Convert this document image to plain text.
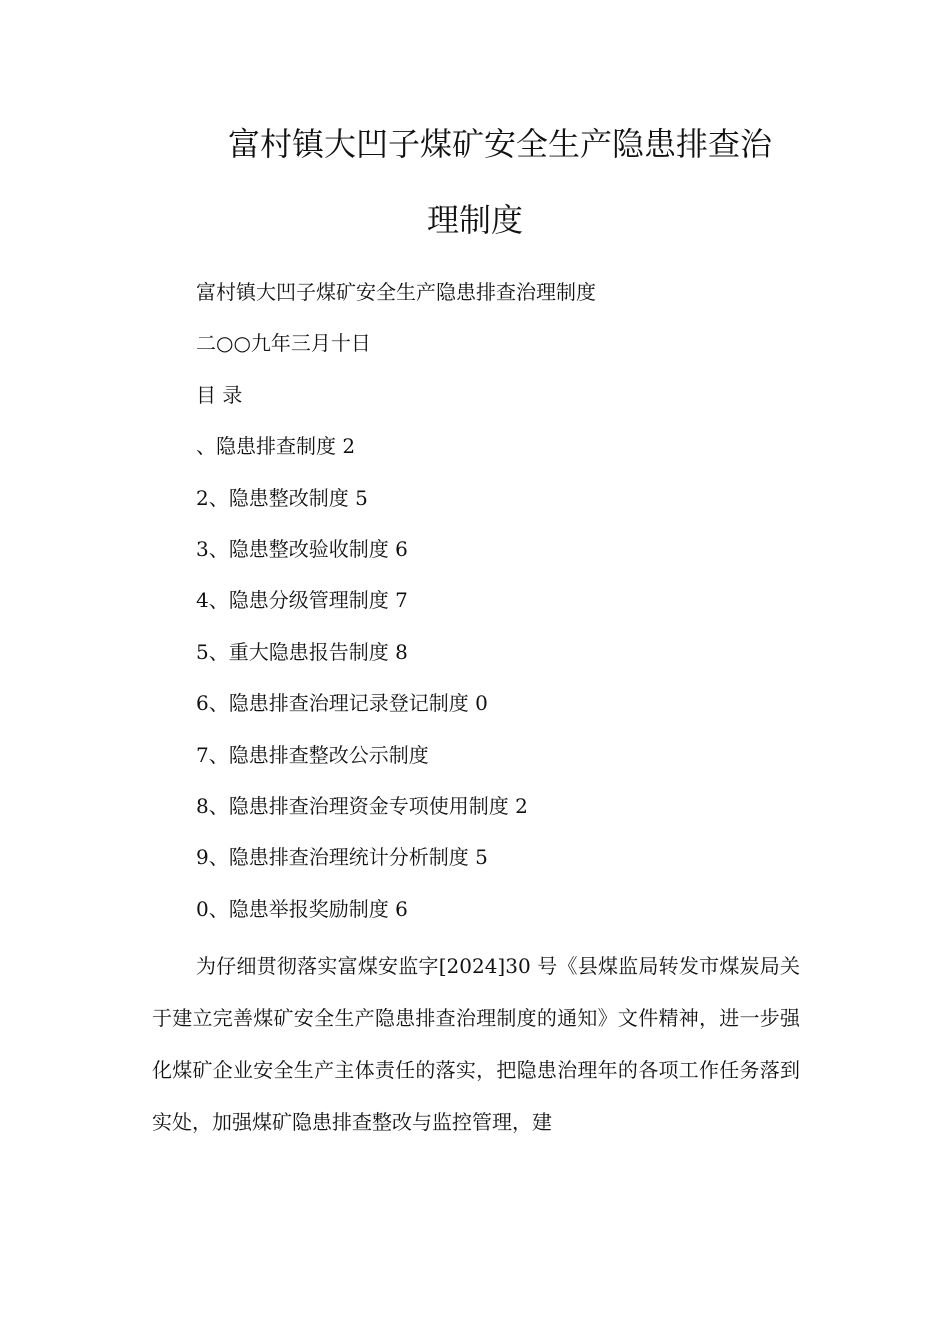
富村镇大凹子煤矿安全生产隐患排查治
理制度
富村镇大凹子煤矿安全生产隐患排查治理制度
二○○九年三月十日
目 录
、隐患排查制度 2
2、隐患整改制度 5
3、隐患整改验收制度 6
4、隐患分级管理制度 7
5、重大隐患报告制度 8
6、隐患排查治理记录登记制度 0
7、隐患排查整改公示制度
8、隐患排查治理资金专项使用制度 2
9、隐患排查治理统计分析制度 5
0、隐患举报奖励制度 6

为仔细贯彻落实富煤安监字[2024]30 号《县煤监局转发市煤炭局关于建立完善煤矿安全生产隐患排查治理制度的通知》文件精神，进一步强化煤矿企业安全生产主体责任的落实，把隐患治理年的各项工作任务落到实处，加强煤矿隐患排查整改与监控管理，建
